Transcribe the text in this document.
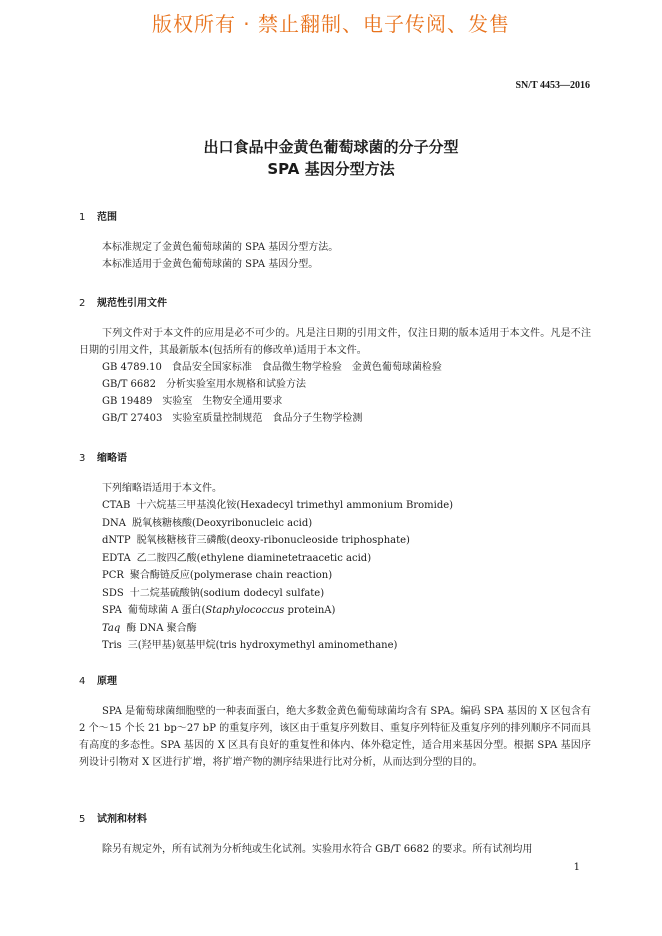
版权所有 · 禁止翻制、电子传阅、发售
SN/T 4453—2016
出口食品中金黄色葡萄球菌的分子分型
SPA 基因分型方法
1 范围

本标准规定了金黄色葡萄球菌的 SPA 基因分型方法。

本标准适用于金黄色葡萄球菌的 SPA 基因分型。

2 规范性引用文件

下列文件对于本文件的应用是必不可少的。凡是注日期的引用文件，仅注日期的版本适用于本文件。凡是不注日期的引用文件，其最新版本(包括所有的修改单)适用于本文件。

GB 4789.10 食品安全国家标准　食品微生物学检验　金黄色葡萄球菌检验
GB/T 6682 分析实验室用水规格和试验方法
GB 19489 实验室　生物安全通用要求
GB/T 27403 实验室质量控制规范　食品分子生物学检测
3 缩略语

下列缩略语适用于本文件。

CTAB 十六烷基三甲基溴化铵(Hexadecyl trimethyl ammonium Bromide)
DNA 脱氧核糖核酸(Deoxyribonucleic acid)
dNTP 脱氧核糖核苷三磷酸(deoxy-ribonucleoside triphosphate)
EDTA 乙二胺四乙酸(ethylene diaminetetraacetic acid)
PCR 聚合酶链反应(polymerase chain reaction)
SDS 十二烷基硫酸钠(sodium dodecyl sulfate)
SPA 葡萄球菌 A 蛋白(Staphylococcus proteinA)
Taq 酶 DNA 聚合酶
Tris 三(羟甲基)氨基甲烷(tris hydroxymethyl aminomethane)
4 原理

SPA 是葡萄球菌细胞壁的一种表面蛋白，绝大多数金黄色葡萄球菌均含有 SPA。编码 SPA 基因的 X 区包含有 2 个～15 个长 21 bp～27 bP 的重复序列，该区由于重复序列数目、重复序列特征及重复序列的排列顺序不同而具有高度的多态性。SPA 基因的 X 区具有良好的重复性和体内、体外稳定性，适合用来基因分型。根据 SPA 基因序列设计引物对 X 区进行扩增，将扩增产物的测序结果进行比对分析，从而达到分型的目的。

5 试剂和材料

除另有规定外，所有试剂为分析纯或生化试剂。实验用水符合 GB/T 6682 的要求。所有试剂均用

1
